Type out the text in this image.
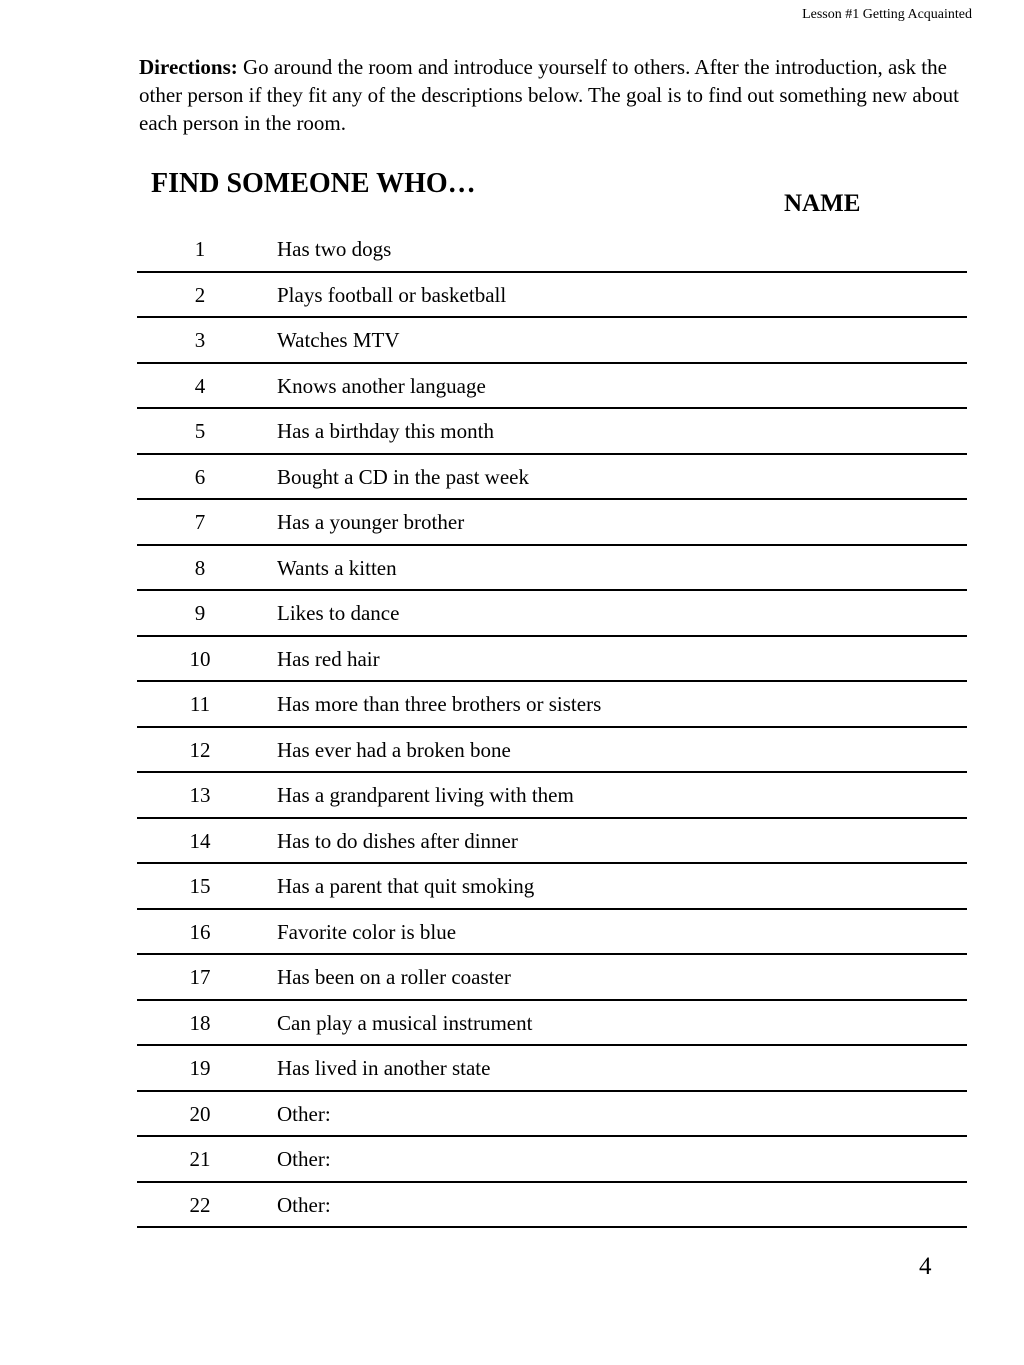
Lesson #1 Getting Acquainted
Directions: Go around the room and introduce yourself to others. After the introduction, ask the other person if they fit any of the descriptions below. The goal is to find out something new about each person in the room.
FIND SOMEONE WHO…
NAME
1	Has two dogs
2	Plays football or basketball
3	Watches MTV
4	Knows another language
5	Has a birthday this month
6	Bought a CD in the past week
7	Has a younger brother
8	Wants a kitten
9	Likes to dance
10	Has red hair
11	Has more than three brothers or sisters
12	Has ever had a broken bone
13	Has a grandparent living with them
14	Has to do dishes after dinner
15	Has a parent that quit smoking
16	Favorite color is blue
17	Has been on a roller coaster
18	Can play a musical instrument
19	Has lived in another state
20	Other:
21	Other:
22	Other:
4
